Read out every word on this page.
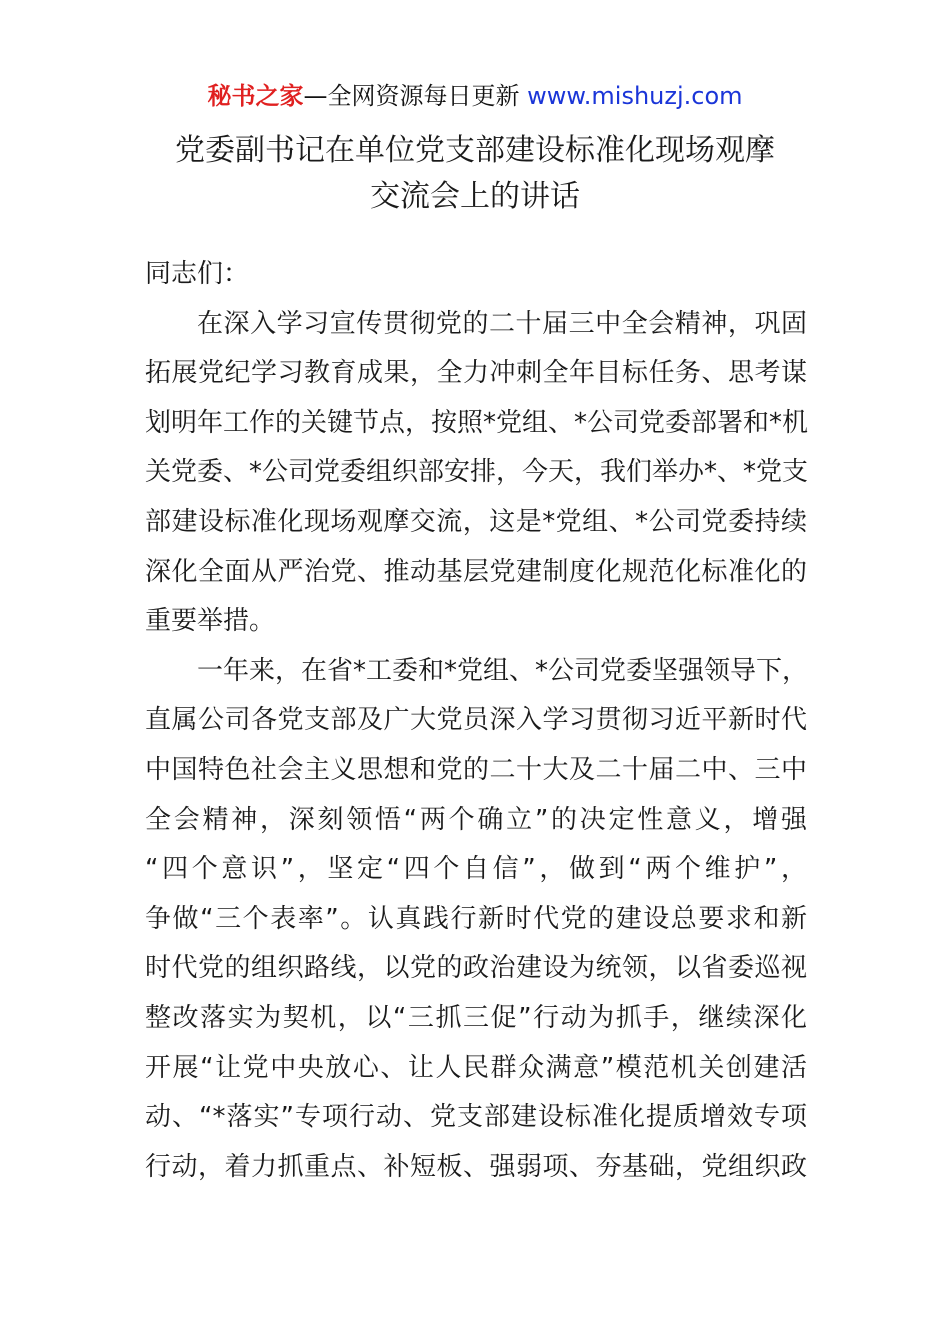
秘书之家—全网资源每日更新 www.mishuzj.com
党委副书记在单位党支部建设标准化现场观摩
交流会上的讲话
同志们：
在深入学习宣传贯彻党的二十届三中全会精神，巩固
拓展党纪学习教育成果，全力冲刺全年目标任务、思考谋
划明年工作的关键节点，按照*党组、*公司党委部署和*机
关党委、*公司党委组织部安排，今天，我们举办*、*党支
部建设标准化现场观摩交流，这是*党组、*公司党委持续
深化全面从严治党、推动基层党建制度化规范化标准化的
重要举措。
一年来，在省*工委和*党组、*公司党委坚强领导下，
直属公司各党支部及广大党员深入学习贯彻习近平新时代
中国特色社会主义思想和党的二十大及二十届二中、三中
全会精神，深刻领悟“两个确立”的决定性意义，增强
“四个意识”，坚定“四个自信”，做到“两个维护”，
争做“三个表率”。认真践行新时代党的建设总要求和新
时代党的组织路线，以党的政治建设为统领，以省委巡视
整改落实为契机，以“三抓三促”行动为抓手，继续深化
开展“让党中央放心、让人民群众满意”模范机关创建活
动、“*落实”专项行动、党支部建设标准化提质增效专项
行动，着力抓重点、补短板、强弱项、夯基础，党组织政
